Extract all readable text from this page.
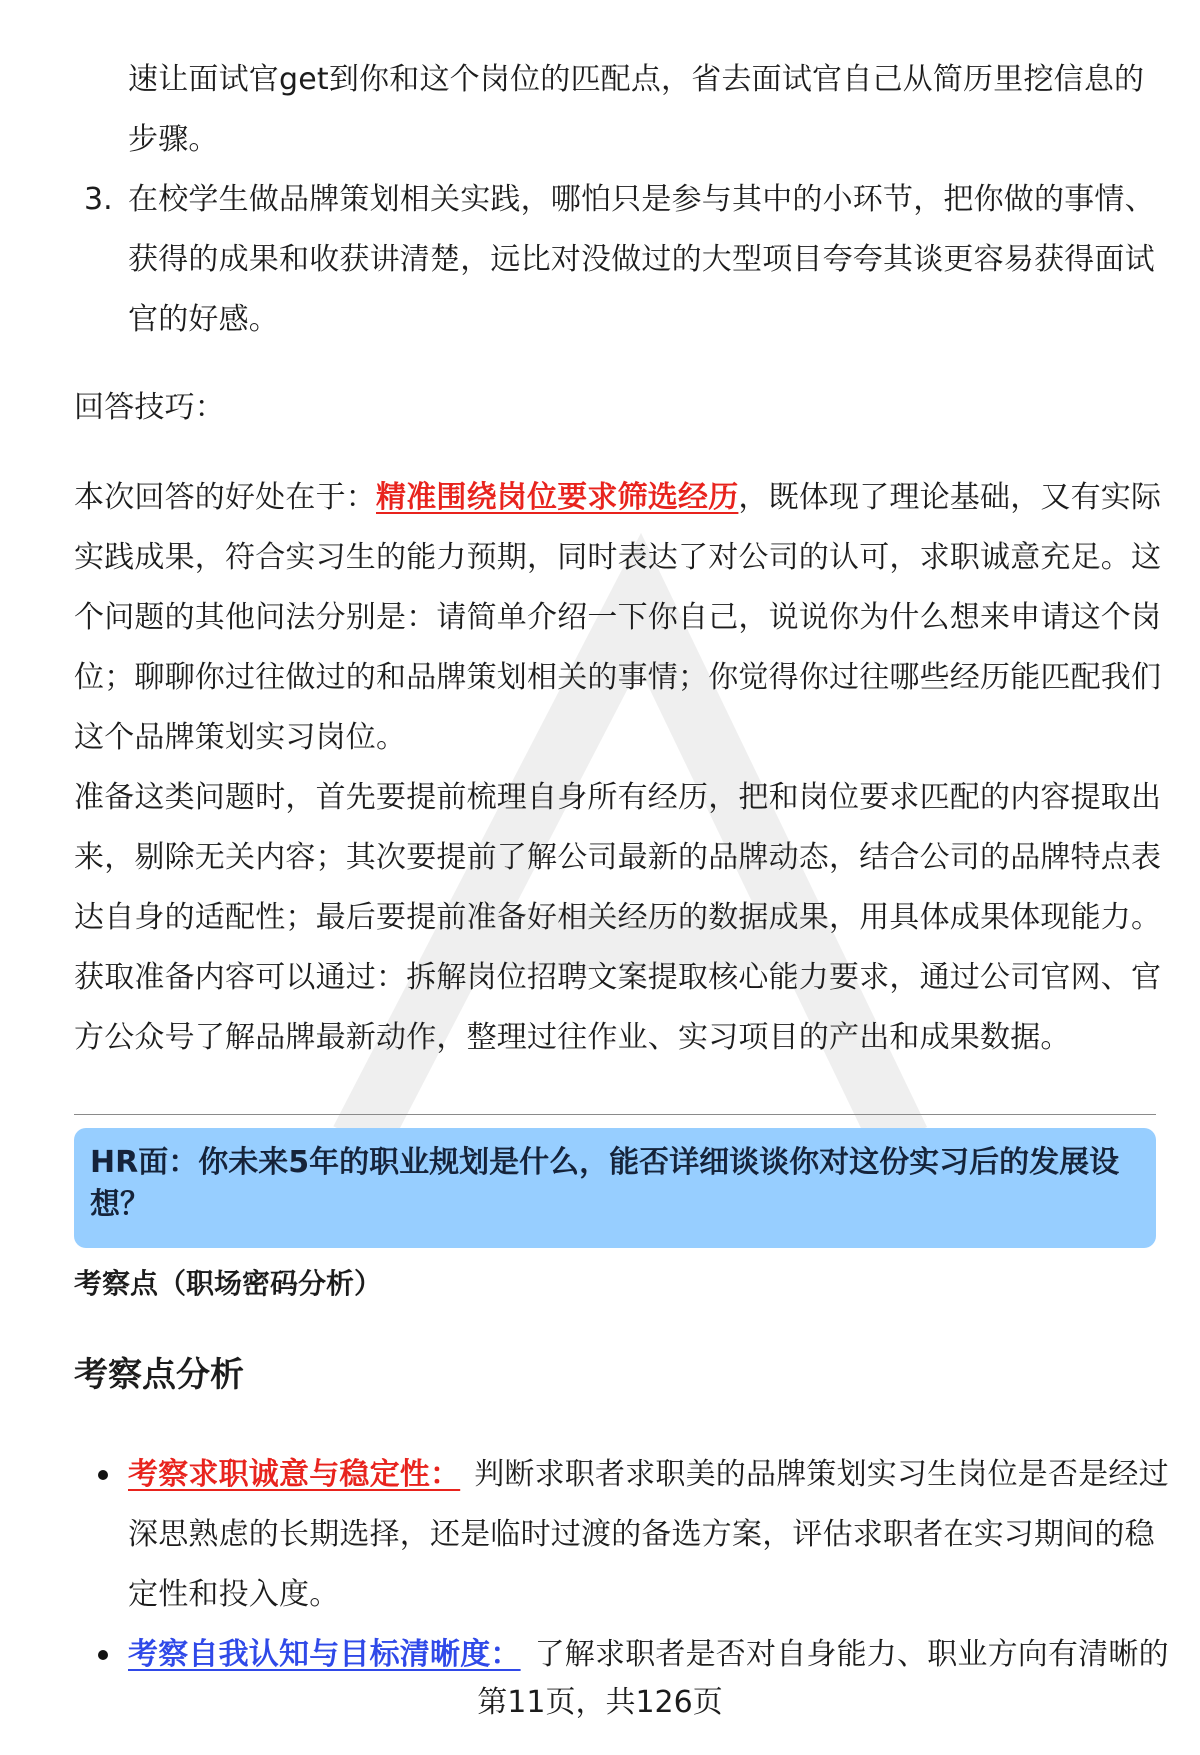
速让面试官get到你和这个岗位的匹配点，省去面试官自己从简历里挖信息的
步骤。
3. 在校学生做品牌策划相关实践，哪怕只是参与其中的小环节，把你做的事情、
获得的成果和收获讲清楚，远比对没做过的大型项目夸夸其谈更容易获得面试
官的好感。
回答技巧：
本次回答的好处在于：精准围绕岗位要求筛选经历，既体现了理论基础，又有实际
实践成果，符合实习生的能力预期，同时表达了对公司的认可，求职诚意充足。这
个问题的其他问法分别是：请简单介绍一下你自己，说说你为什么想来申请这个岗
位；聊聊你过往做过的和品牌策划相关的事情；你觉得你过往哪些经历能匹配我们
这个品牌策划实习岗位。
准备这类问题时，首先要提前梳理自身所有经历，把和岗位要求匹配的内容提取出
来，剔除无关内容；其次要提前了解公司最新的品牌动态，结合公司的品牌特点表
达自身的适配性；最后要提前准备好相关经历的数据成果，用具体成果体现能力。
获取准备内容可以通过：拆解岗位招聘文案提取核心能力要求，通过公司官网、官
方公众号了解品牌最新动作，整理过往作业、实习项目的产出和成果数据。
HR面：你未来5年的职业规划是什么，能否详细谈谈你对这份实习后的发展设
想？
考察点（职场密码分析）
考察点分析
考察求职诚意与稳定性： 判断求职者求职美的品牌策划实习生岗位是否是经过
深思熟虑的长期选择，还是临时过渡的备选方案，评估求职者在实习期间的稳
定性和投入度。
考察自我认知与目标清晰度： 了解求职者是否对自身能力、职业方向有清晰的
第11页，共126页
